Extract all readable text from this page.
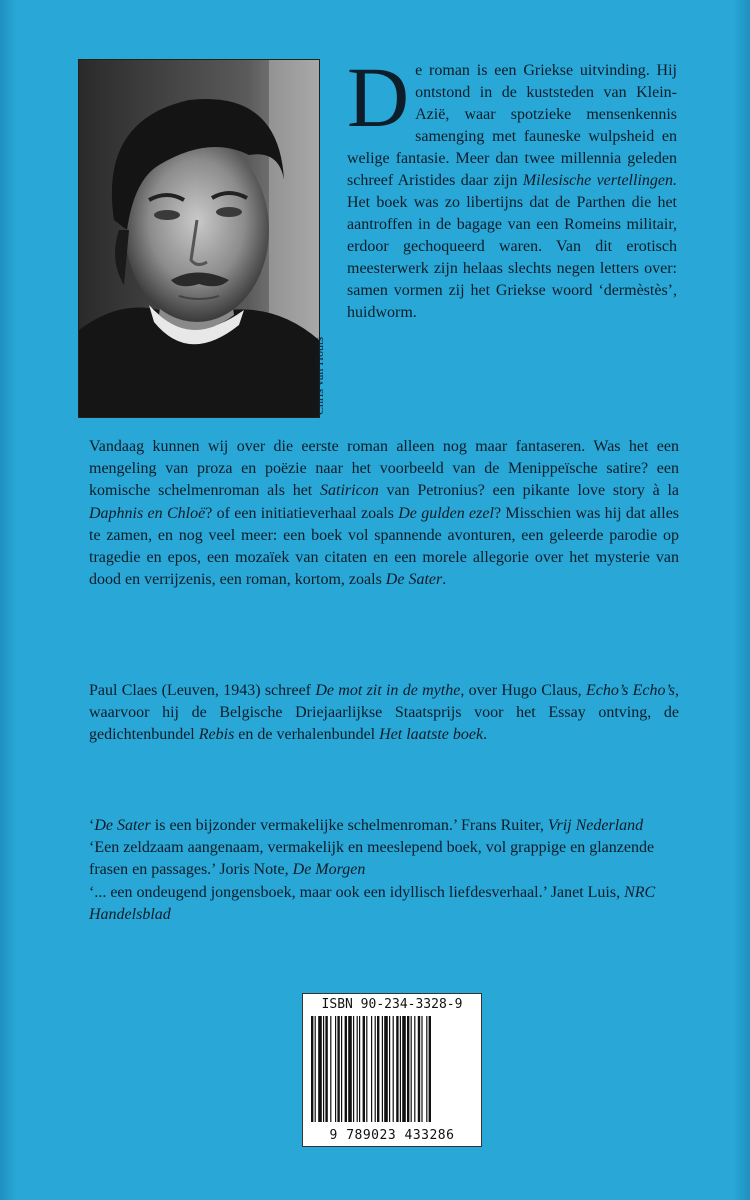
Chris van Houts
De roman is een Griekse uitvinding. Hij ontstond in de kuststeden van Klein-Azië, waar spotzieke mensenkennis samenging met fauneske wulpsheid en welige fantasie. Meer dan twee millennia geleden schreef Aristides daar zijn Milesische vertellingen. Het boek was zo libertijns dat de Parthen die het aantroffen in de bagage van een Romeins militair, erdoor gechoqueerd waren. Van dit erotisch meesterwerk zijn helaas slechts negen letters over: samen vormen zij het Griekse woord ‘dermèstès’, huidworm.
Vandaag kunnen wij over die eerste roman alleen nog maar fantaseren. Was het een mengeling van proza en poëzie naar het voorbeeld van de Menippeïsche satire? een komische schelmenroman als het Satiricon van Petronius? een pikante love story à la Daphnis en Chloë? of een initiatieverhaal zoals De gulden ezel? Misschien was hij dat alles te zamen, en nog veel meer: een boek vol spannende avonturen, een geleerde parodie op tragedie en epos, een mozaïek van citaten en een morele allegorie over het mysterie van dood en verrijzenis, een roman, kortom, zoals De Sater.
Paul Claes (Leuven, 1943) schreef De mot zit in de mythe, over Hugo Claus, Echo’s Echo’s, waarvoor hij de Belgische Driejaarlijkse Staatsprijs voor het Essay ontving, de gedichtenbundel Rebis en de verhalenbundel Het laatste boek.
‘De Sater is een bijzonder vermakelijke schelmenroman.’ Frans Ruiter, Vrij Nederland
‘Een zeldzaam aangenaam, vermakelijk en meeslepend boek, vol grappige en glanzende frasen en passages.’ Joris Note, De Morgen
‘... een ondeugend jongensboek, maar ook een idyllisch liefdesverhaal.’ Janet Luis, NRC Handelsblad
ISBN 90-234-3328-9
9 789023 433286
